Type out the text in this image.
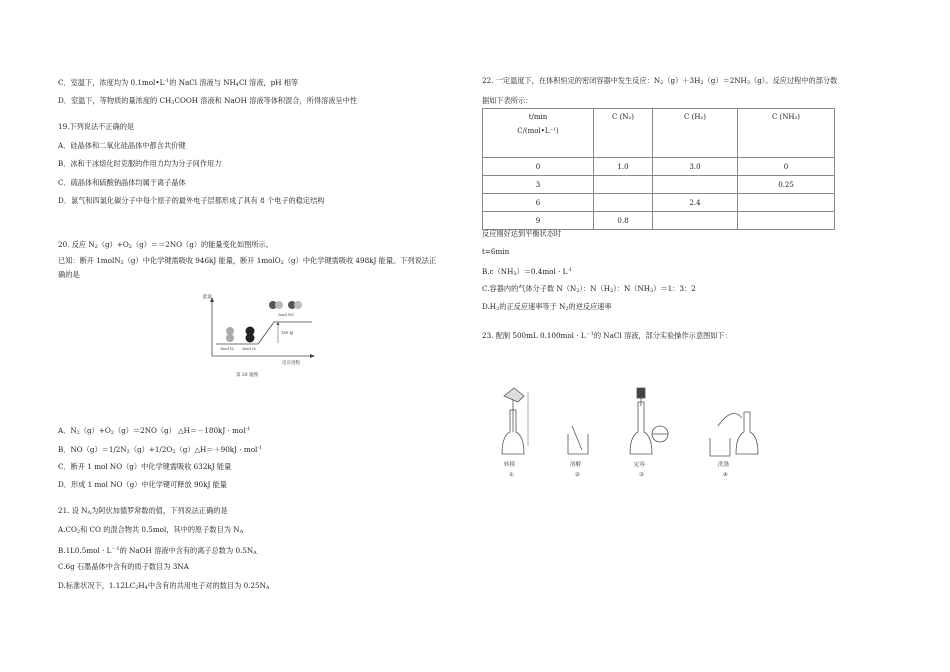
C．室温下，浓度均为 $0.1mol•L^{-1}$的 NaCl 溶液与 $NH_4Cl$ 溶液，pH 相等
D．室温下，等物质的量浓度的 $CH_3COOH$ 溶液和 NaOH 溶液等体积混合，所得溶液呈中性
19.下列说法不正确的是
A．硅晶体和二氧化硅晶体中都含共价键
B．冰和干冰熔化时克服的作用力均为分子间作用力
C．硫晶体和硫酸钠晶体均属于离子晶体
D．氯气和四氯化碳分子中每个原子的最外电子层都形成了具有 8 个电子的稳定结构
20. 反应 $N_2(g)+O_2(g)==2NO(g)$的能量变化如图所示。
已知：断开 1molN$_2$（g）中化学键需吸收 946kJ 能量，断开 1molO$_2$（g）中化学键需吸收 498kJ 能量。下列说法正
确的是
能量
反应进程
1mol N₂ 1mol O₂
2mol NO
180 kJ
第 20 题图
A．$N_2(g)+O_2(g)=2NO(g)$ △H＝－180kJ · mol$^{-1}$
B．$NO(g)=1/2N_2(g)+1/2O_2(g)\triangle H=+90kJ \cdot mol^{-1}$
C．断开 1 mol NO（g）中化学键需吸收 632kJ 能量
D．形成 1 mol NO（g）中化学键可释放 90kJ 能量
21. 设 $N_A$为阿伏加德罗常数的值，下列说法正确的是
$A.CO_2$和 CO 的混合物共 0.5mol，其中的原子数目为 $N_A$
$B.1L0.5mol \cdot L^{-1}$的 NaOH 溶液中含有的离子总数为 $0.5N_A$
C.6g 石墨晶体中含有的质子数目为 3NA
D.标准状况下，$1.12LC_2H_4$中含有的共用电子对的数目为 $0.25N_A$
22. 一定温度下，在体积恒定的密闭容器中发生反应：$N_2(g)+3H_2(g)=2NH_3(g)$。反应过程中的部分数
据如下表所示：
t/min
C/(mol•L⁻¹)	C (N₂)	C (H₂)	C (NH₃)
0	1.0	3.0	0
3			0.25
6		2.4	
9	0.8		
反应刚好达到平衡状态时
t=6min
$B.c(NH_3)=0.4mol \cdot L^{-1}$
C.容器内的气体分子数 $N(N_2)$：$N(H_2)$：$N(NH_3)=1$：3：2
$D.H_2$的正反应速率等于 $N_2$的逆反应速率
23. 配制 500mL $0.100mol \cdot L^{-1}$的 NaCl 溶液，部分实验操作示意图如下：
转移
①
溶解
②
定容
③
洗涤
④
